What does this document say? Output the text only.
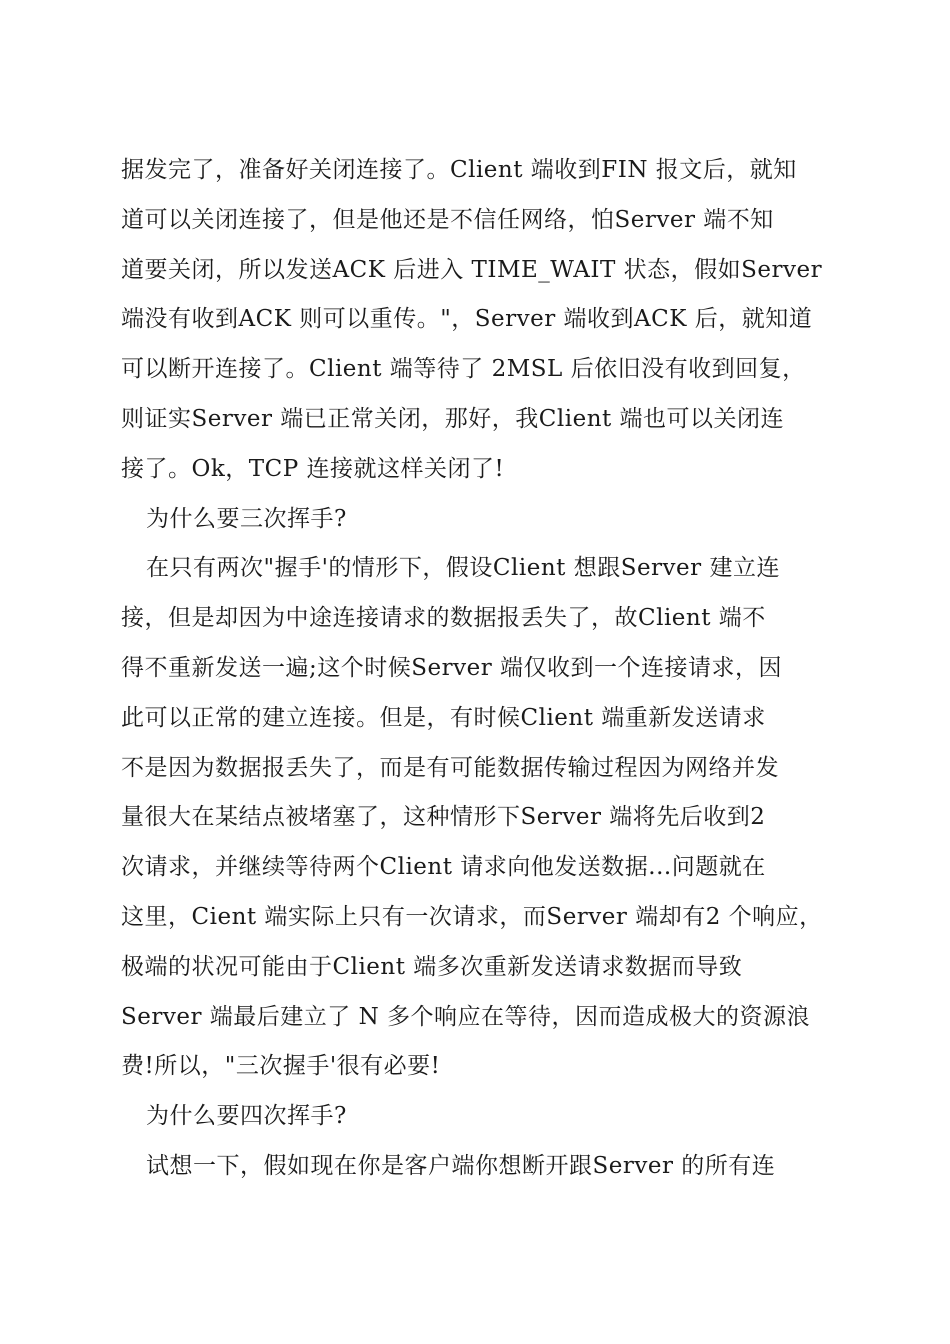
据发完了，准备好关闭连接了。Client 端收到FIN 报文后，就知
道可以关闭连接了，但是他还是不信任网络，怕Server 端不知
道要关闭，所以发送ACK 后进入 TIME_WAIT 状态，假如Server
端没有收到ACK 则可以重传。"，Server 端收到ACK 后，就知道
可以断开连接了。Client 端等待了 2MSL 后依旧没有收到回复，
则证实Server 端已正常关闭，那好，我Client 端也可以关闭连
接了。Ok，TCP 连接就这样关闭了!
为什么要三次挥手?
在只有两次"握手'的情形下，假设Client 想跟Server 建立连
接，但是却因为中途连接请求的数据报丢失了，故Client 端不
得不重新发送一遍;这个时候Server 端仅收到一个连接请求，因
此可以正常的建立连接。但是，有时候Client 端重新发送请求
不是因为数据报丢失了，而是有可能数据传输过程因为网络并发
量很大在某结点被堵塞了，这种情形下Server 端将先后收到2
次请求，并继续等待两个Client 请求向他发送数据...问题就在
这里，Cient 端实际上只有一次请求，而Server 端却有2 个响应，
极端的状况可能由于Client 端多次重新发送请求数据而导致
Server 端最后建立了 N 多个响应在等待，因而造成极大的资源浪
费!所以，"三次握手'很有必要!
为什么要四次挥手?
试想一下，假如现在你是客户端你想断开跟Server 的所有连
